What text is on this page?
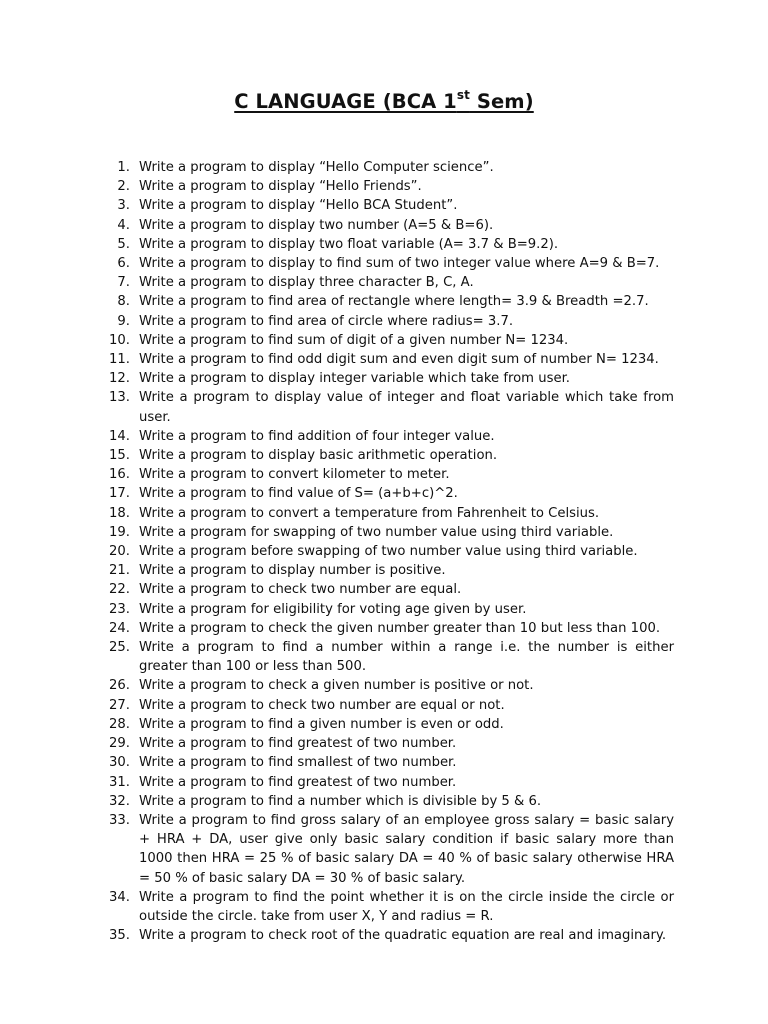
C LANGUAGE (BCA 1st Sem)
1. Write a program to display “Hello Computer science”.
2. Write a program to display “Hello Friends”.
3. Write a program to display “Hello BCA Student”.
4. Write a program to display two number (A=5 & B=6).
5. Write a program to display two float variable (A= 3.7 & B=9.2).
6. Write a program to display to find sum of two integer value where A=9 & B=7.
7. Write a program to display three character B, C, A.
8. Write a program to find area of rectangle where length= 3.9 & Breadth =2.7.
9. Write a program to find area of circle where radius= 3.7.
10. Write a program to find sum of digit of a given number N= 1234.
11. Write a program to find odd digit sum and even digit sum of number N= 1234.
12. Write a program to display integer variable which take from user.
13. Write a program to display value of integer and float variable which take from user.
14. Write a program to find addition of four integer value.
15. Write a program to display basic arithmetic operation.
16. Write a program to convert kilometer to meter.
17. Write a program to find value of S= (a+b+c)^2.
18. Write a program to convert a temperature from Fahrenheit to Celsius.
19. Write a program for swapping of two number value using third variable.
20. Write a program before swapping of two number value using third variable.
21. Write a program to display number is positive.
22. Write a program to check two number are equal.
23. Write a program for eligibility for voting age given by user.
24. Write a program to check the given number greater than 10 but less than 100.
25. Write a program to find a number within a range i.e. the number is either greater than 100 or less than 500.
26. Write a program to check a given number is positive or not.
27. Write a program to check two number are equal or not.
28. Write a program to find a given number is even or odd.
29. Write a program to find greatest of two number.
30. Write a program to find smallest of two number.
31. Write a program to find greatest of two number.
32. Write a program to find a number which is divisible by 5 & 6.
33. Write a program to find gross salary of an employee gross salary = basic salary + HRA + DA, user give only basic salary condition if basic salary more than 1000 then HRA = 25 % of basic salary DA = 40 % of basic salary otherwise HRA = 50 % of basic salary DA = 30 % of basic salary.
34. Write a program to find the point whether it is on the circle inside the circle or outside the circle. take from user X, Y and radius = R.
35. Write a program to check root of the quadratic equation are real and imaginary.
